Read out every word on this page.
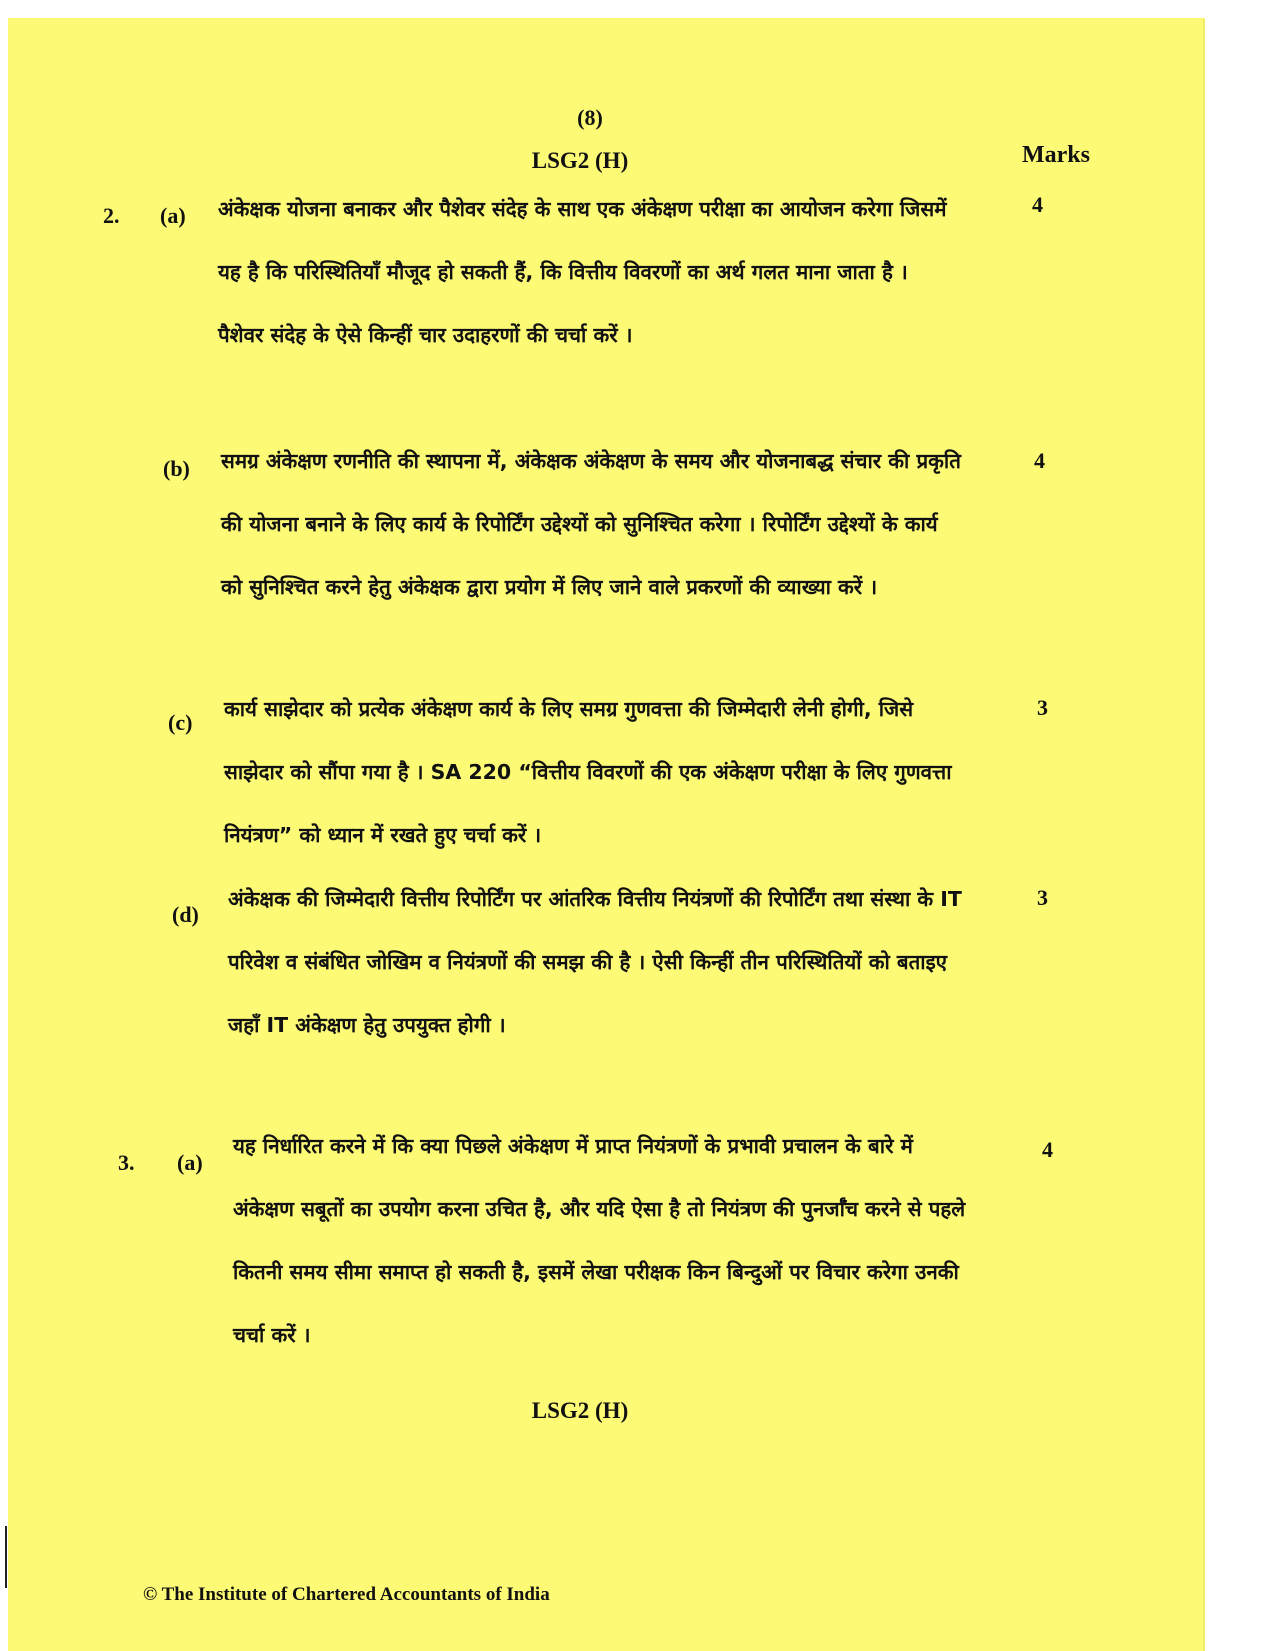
(8)
LSG2 (H)	Marks
2. (a) अंकेक्षक योजना बनाकर और पैशेवर संदेह के साथ एक अंकेक्षण परीक्षा का आयोजन करेगा जिसमें यह है कि परिस्थितियाँ मौजूद हो सकती हैं, कि वित्तीय विवरणों का अर्थ गलत माना जाता है । पैशेवर संदेह के ऐसे किन्हीं चार उदाहरणों की चर्चा करें ।
4
(b) समग्र अंकेक्षण रणनीति की स्थापना में, अंकेक्षक अंकेक्षण के समय और योजनाबद्ध संचार की प्रकृति की योजना बनाने के लिए कार्य के रिपोर्टिंग उद्देश्यों को सुनिश्चित करेगा । रिपोर्टिंग उद्देश्यों के कार्य को सुनिश्चित करने हेतु अंकेक्षक द्वारा प्रयोग में लिए जाने वाले प्रकरणों की व्याख्या करें ।
4
(c)
कार्य साझेदार को प्रत्येक अंकेक्षण कार्य के लिए समग्र गुणवत्ता की जिम्मेदारी लेनी होगी, जिसे साझेदार को सौंपा गया है । SA 220 “वित्तीय विवरणों की एक अंकेक्षण परीक्षा के लिए गुणवत्ता नियंत्रण” को ध्यान में रखते हुए चर्चा करें ।
3
(d)
अंकेक्षक की जिम्मेदारी वित्तीय रिपोर्टिंग पर आंतरिक वित्तीय नियंत्रणों की रिपोर्टिंग तथा संस्था के IT परिवेश व संबंधित जोखिम व नियंत्रणों की समझ की है । ऐसी किन्हीं तीन परिस्थितियों को बताइए जहाँ IT अंकेक्षण हेतु उपयुक्त होगी ।
3
3. (a)
यह निर्धारित करने में कि क्या पिछले अंकेक्षण में प्राप्त नियंत्रणों के प्रभावी प्रचालन के बारे में अंकेक्षण सबूतों का उपयोग करना उचित है, और यदि ऐसा है तो नियंत्रण की पुनर्जाँच करने से पहले कितनी समय सीमा समाप्त हो सकती है, इसमें लेखा परीक्षक किन बिन्दुओं पर विचार करेगा उनकी चर्चा करें ।
4
LSG2 (H)
© The Institute of Chartered Accountants of India
